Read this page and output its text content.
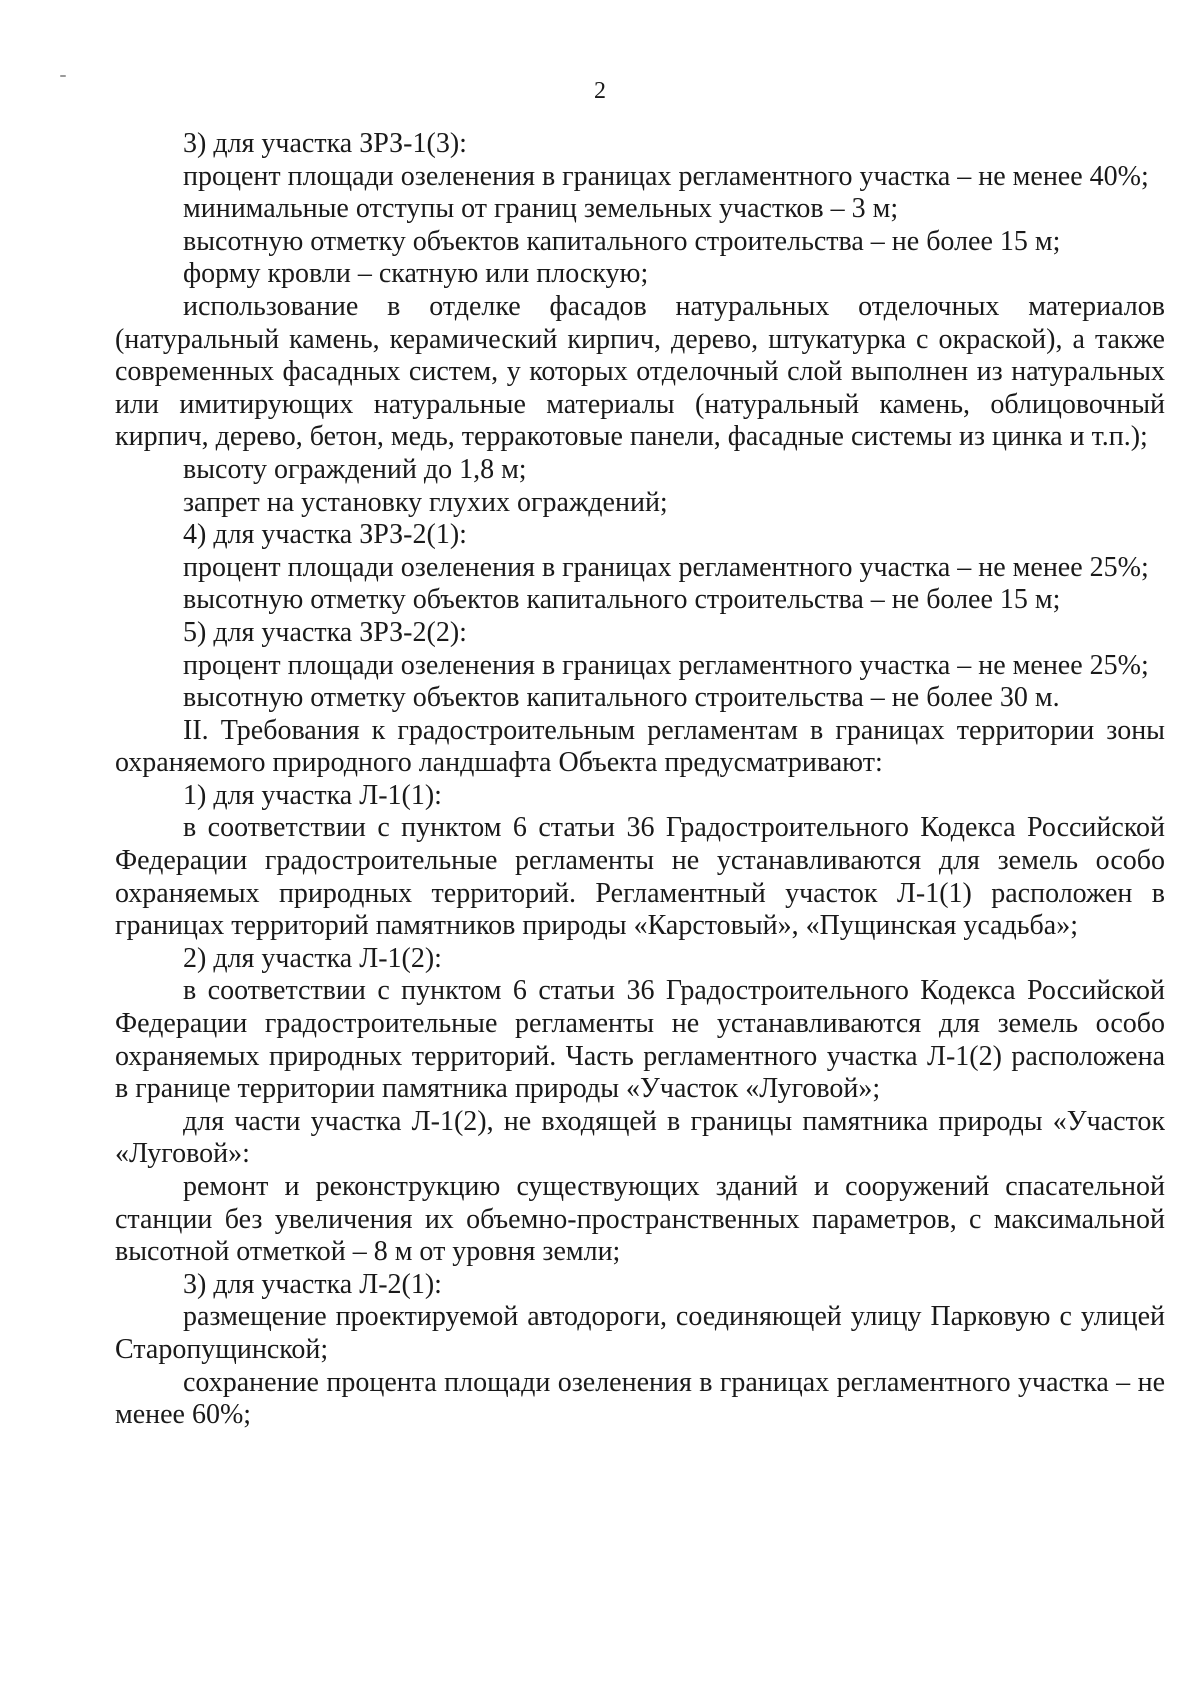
2

3) для участка ЗРЗ-1(3):

процент площади озеленения в границах регламентного участка – не менее 40%;

минимальные отступы от границ земельных участков – 3 м;

высотную отметку объектов капитального строительства – не более 15 м;

форму кровли – скатную или плоскую;

использование в отделке фасадов натуральных отделочных материалов (натуральный камень, керамический кирпич, дерево, штукатурка с окраской), а также современных фасадных систем, у которых отделочный слой выполнен из натуральных или имитирующих натуральные материалы (натуральный камень, облицовочный кирпич, дерево, бетон, медь, терракотовые панели, фасадные системы из цинка и т.п.);

высоту ограждений до 1,8 м;

запрет на установку глухих ограждений;

4) для участка ЗРЗ-2(1):

процент площади озеленения в границах регламентного участка – не менее 25%;

высотную отметку объектов капитального строительства – не более 15 м;

5) для участка ЗРЗ-2(2):

процент площади озеленения в границах регламентного участка – не менее 25%;

высотную отметку объектов капитального строительства – не более 30 м.

II. Требования к градостроительным регламентам в границах территории зоны охраняемого природного ландшафта Объекта предусматривают:

1) для участка Л-1(1):

в соответствии с пунктом 6 статьи 36 Градостроительного Кодекса Российской Федерации градостроительные регламенты не устанавливаются для земель особо охраняемых природных территорий. Регламентный участок Л-1(1) расположен в границах территорий памятников природы «Карстовый», «Пущинская усадьба»;

2) для участка Л-1(2):

в соответствии с пунктом 6 статьи 36 Градостроительного Кодекса Российской Федерации градостроительные регламенты не устанавливаются для земель особо охраняемых природных территорий. Часть регламентного участка Л-1(2) расположена в границе территории памятника природы «Участок «Луговой»;

для части участка Л-1(2), не входящей в границы памятника природы «Участок «Луговой»:

ремонт и реконструкцию существующих зданий и сооружений спасательной станции без увеличения их объемно-пространственных параметров, с максимальной высотной отметкой – 8 м от уровня земли;

3) для участка Л-2(1):

размещение проектируемой автодороги, соединяющей улицу Парковую с улицей Старопущинской;

сохранение процента площади озеленения в границах регламентного участка – не менее 60%;
